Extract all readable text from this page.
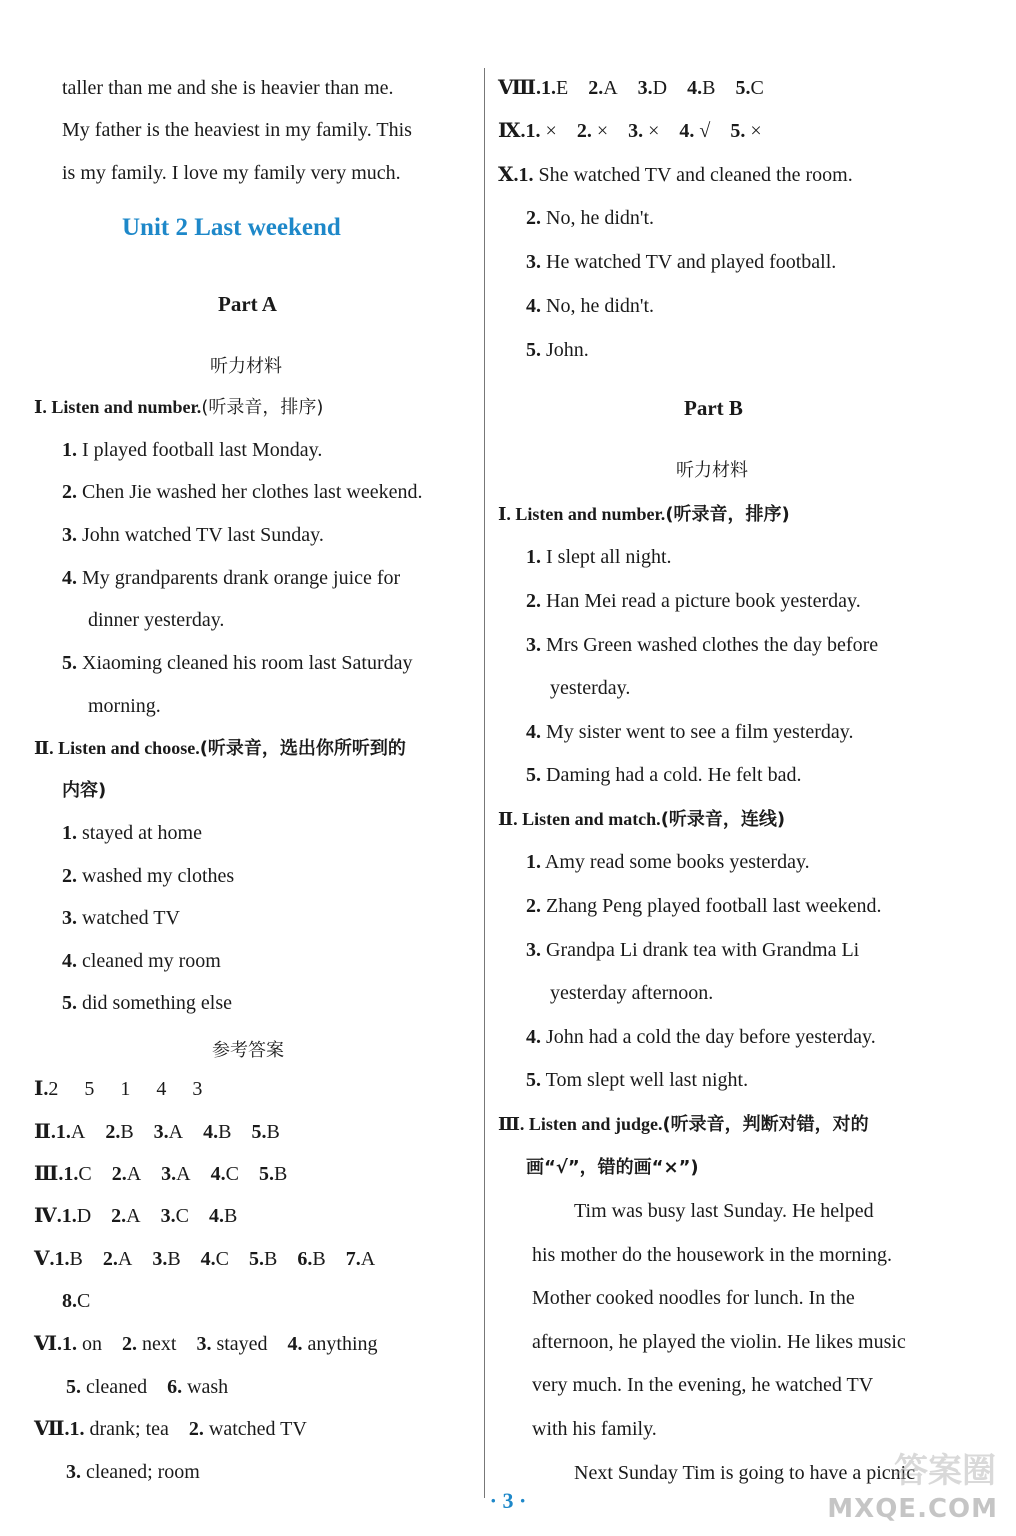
taller than me and she is heavier than me.
My father is the heaviest in my family. This
is my family. I love my family very much.
Unit 2 Last weekend
Part A
听力材料
Ⅰ. Listen and number.(听录音，排序)
1. I played football last Monday.
2. Chen Jie washed her clothes last weekend.
3. John watched TV last Sunday.
4. My grandparents drank orange juice for
dinner yesterday.
5. Xiaoming cleaned his room last Saturday
morning.
Ⅱ. Listen and choose.(听录音，选出你所听到的
内容)
1. stayed at home
2. washed my clothes
3. watched TV
4. cleaned my room
5. did something else
参考答案
Ⅰ.2  5  1  4  3
Ⅱ.1.A 2.B 3.A 4.B 5.B
Ⅲ.1.C 2.A 3.A 4.C 5.B
Ⅳ.1.D 2.A 3.C 4.B
Ⅴ.1.B 2.A 3.B 4.C 5.B 6.B 7.A
8.C
Ⅵ.1. on 2. next 3. stayed 4. anything
5. cleaned 6. wash
Ⅶ.1. drank; tea 2. watched TV
3. cleaned; room
Ⅷ.1.E 2.A 3.D 4.B 5.C
Ⅸ.1. × 2. × 3. × 4. √ 5. ×
Ⅹ.1. She watched TV and cleaned the room.
2. No, he didn't.
3. He watched TV and played football.
4. No, he didn't.
5. John.
Part B
听力材料
Ⅰ. Listen and number.(听录音，排序)
1. I slept all night.
2. Han Mei read a picture book yesterday.
3. Mrs Green washed clothes the day before
yesterday.
4. My sister went to see a film yesterday.
5. Daming had a cold. He felt bad.
Ⅱ. Listen and match.(听录音，连线)
1. Amy read some books yesterday.
2. Zhang Peng played football last weekend.
3. Grandpa Li drank tea with Grandma Li
yesterday afternoon.
4. John had a cold the day before yesterday.
5. Tom slept well last night.
Ⅲ. Listen and judge.(听录音，判断对错，对的
画“√”，错的画“×”)
Tim was busy last Sunday. He helped
his mother do the housework in the morning.
Mother cooked noodles for lunch. In the
afternoon, he played the violin. He likes music
very much. In the evening, he watched TV
with his family.
Next Sunday Tim is going to have a picnic
· 3 ·
答案圈
MXQE.COM
